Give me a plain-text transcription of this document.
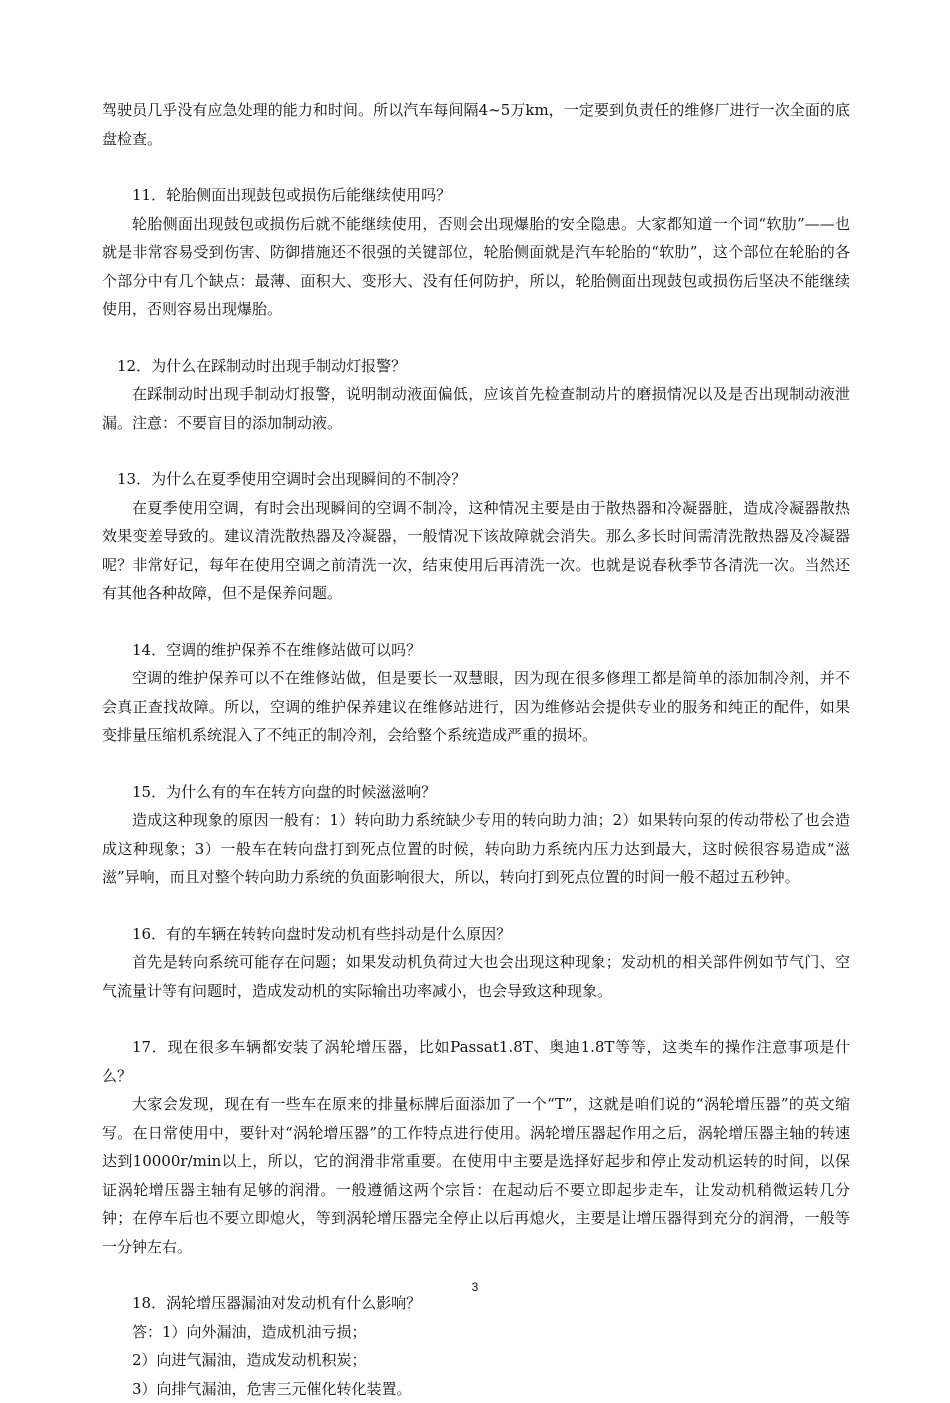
驾驶员几乎没有应急处理的能力和时间。所以汽车每间隔4~5万km，一定要到负责任的维修厂进行一次全面的底盘检查。

11．轮胎侧面出现鼓包或损伤后能继续使用吗？

轮胎侧面出现鼓包或损伤后就不能继续使用，否则会出现爆胎的安全隐患。大家都知道一个词“软肋”——也就是非常容易受到伤害、防御措施还不很强的关键部位，轮胎侧面就是汽车轮胎的“软肋”，这个部位在轮胎的各个部分中有几个缺点：最薄、面积大、变形大、没有任何防护，所以，轮胎侧面出现鼓包或损伤后坚决不能继续使用，否则容易出现爆胎。

12．为什么在踩制动时出现手制动灯报警？

在踩制动时出现手制动灯报警，说明制动液面偏低，应该首先检查制动片的磨损情况以及是否出现制动液泄漏。注意：不要盲目的添加制动液。

13．为什么在夏季使用空调时会出现瞬间的不制冷？

在夏季使用空调，有时会出现瞬间的空调不制冷，这种情况主要是由于散热器和冷凝器脏，造成冷凝器散热效果变差导致的。建议清洗散热器及冷凝器，一般情况下该故障就会消失。那么多长时间需清洗散热器及冷凝器呢？非常好记，每年在使用空调之前清洗一次，结束使用后再清洗一次。也就是说春秋季节各清洗一次。当然还有其他各种故障，但不是保养问题。

14．空调的维护保养不在维修站做可以吗？

空调的维护保养可以不在维修站做，但是要长一双慧眼，因为现在很多修理工都是简单的添加制冷剂，并不会真正查找故障。所以，空调的维护保养建议在维修站进行，因为维修站会提供专业的服务和纯正的配件，如果变排量压缩机系统混入了不纯正的制冷剂，会给整个系统造成严重的损坏。

15．为什么有的车在转方向盘的时候滋滋响？

造成这种现象的原因一般有：1）转向助力系统缺少专用的转向助力油；2）如果转向泵的传动带松了也会造成这种现象；3）一般车在转向盘打到死点位置的时候，转向助力系统内压力达到最大，这时候很容易造成“滋滋”异响，而且对整个转向助力系统的负面影响很大，所以，转向打到死点位置的时间一般不超过五秒钟。

16．有的车辆在转转向盘时发动机有些抖动是什么原因？

首先是转向系统可能存在问题；如果发动机负荷过大也会出现这种现象；发动机的相关部件例如节气门、空气流量计等有问题时，造成发动机的实际输出功率减小，也会导致这种现象。

17．现在很多车辆都安装了涡轮增压器，比如Passat1.8T、奥迪1.8T等等，这类车的操作注意事项是什么？

大家会发现，现在有一些车在原来的排量标牌后面添加了一个“T”，这就是咱们说的“涡轮增压器”的英文缩写。在日常使用中，要针对“涡轮增压器”的工作特点进行使用。涡轮增压器起作用之后，涡轮增压器主轴的转速达到10000r/min以上，所以，它的润滑非常重要。在使用中主要是选择好起步和停止发动机运转的时间，以保证涡轮增压器主轴有足够的润滑。一般遵循这两个宗旨：在起动后不要立即起步走车，让发动机稍微运转几分钟；在停车后也不要立即熄火，等到涡轮增压器完全停止以后再熄火，主要是让增压器得到充分的润滑，一般等一分钟左右。

18．涡轮增压器漏油对发动机有什么影响？

答：1）向外漏油，造成机油亏损；

2）向进气漏油，造成发动机积炭；

3）向排气漏油，危害三元催化转化装置。

3
